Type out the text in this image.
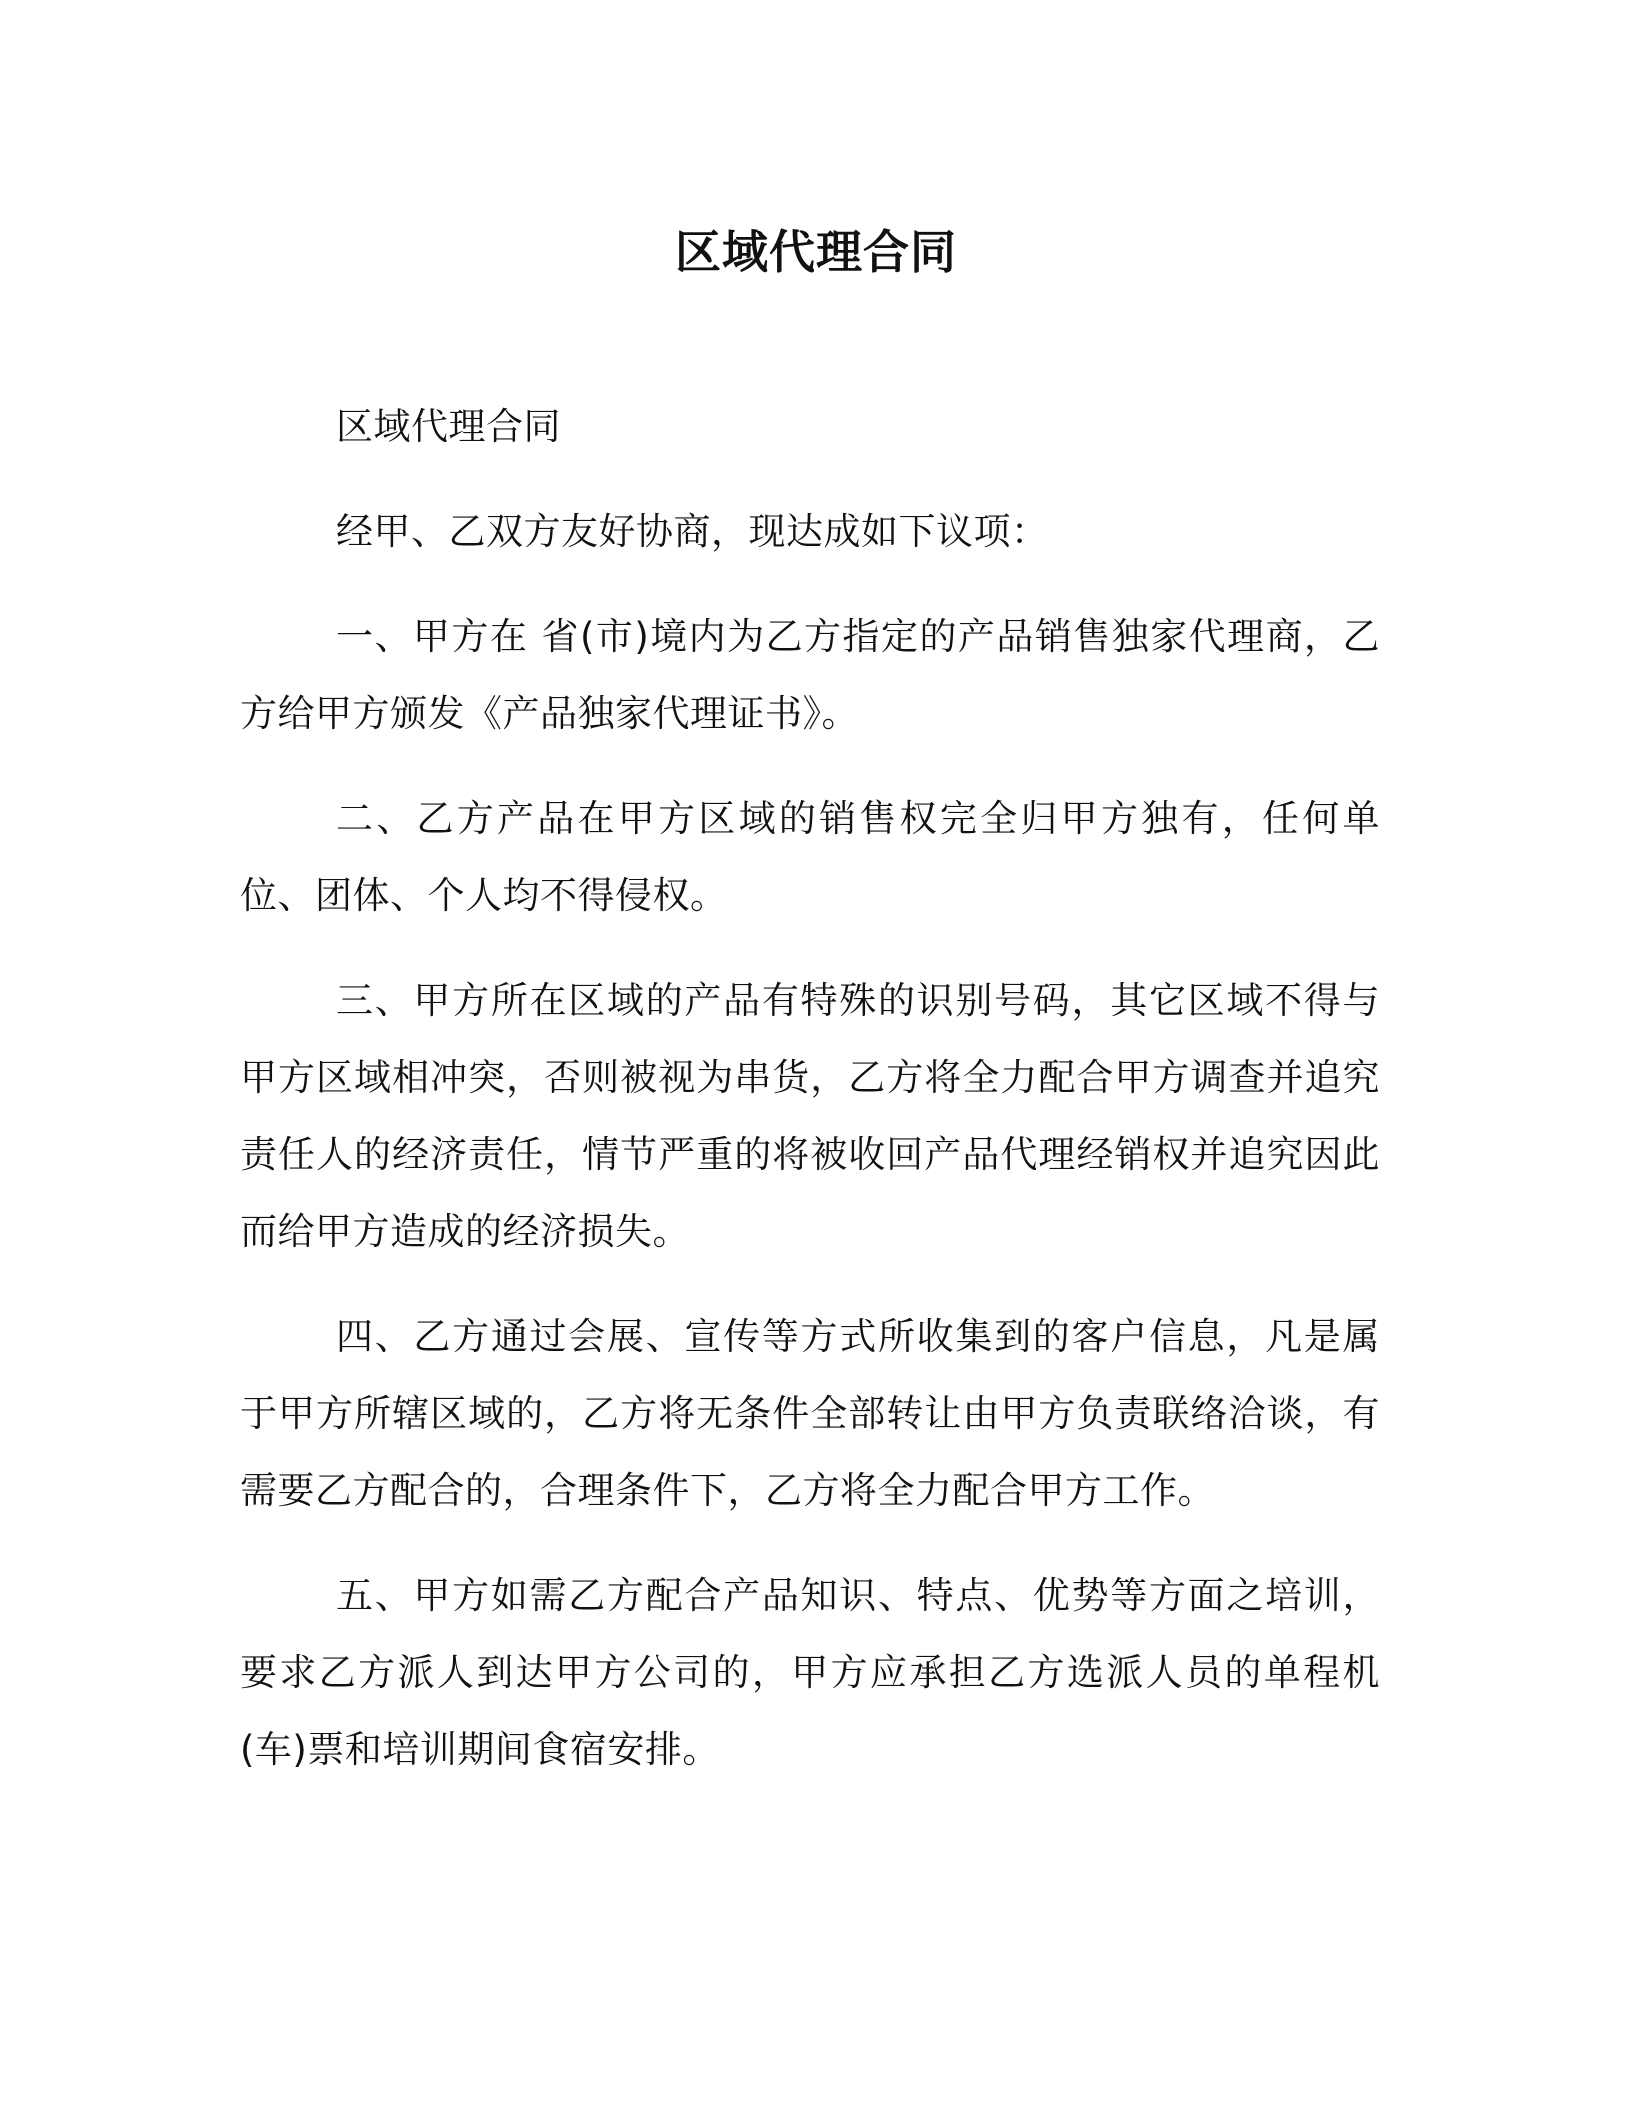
区域代理合同

区域代理合同

经甲、乙双方友好协商，现达成如下议项：

一、甲方在 省(市)境内为乙方指定的产品销售独家代理商，乙方给甲方颁发《产品独家代理证书》。

二、乙方产品在甲方区域的销售权完全归甲方独有，任何单位、团体、个人均不得侵权。

三、甲方所在区域的产品有特殊的识别号码，其它区域不得与甲方区域相冲突，否则被视为串货，乙方将全力配合甲方调查并追究责任人的经济责任，情节严重的将被收回产品代理经销权并追究因此而给甲方造成的经济损失。

四、乙方通过会展、宣传等方式所收集到的客户信息，凡是属于甲方所辖区域的，乙方将无条件全部转让由甲方负责联络洽谈，有需要乙方配合的，合理条件下，乙方将全力配合甲方工作。

五、甲方如需乙方配合产品知识、特点、优势等方面之培训，要求乙方派人到达甲方公司的，甲方应承担乙方选派人员的单程机(车)票和培训期间食宿安排。
